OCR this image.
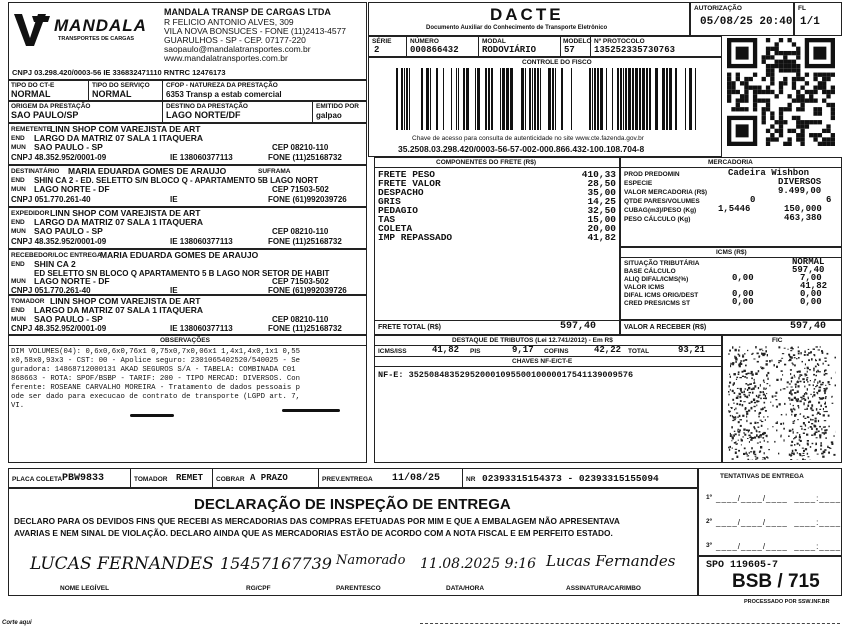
MANDALA
TRANSPORTES DE CARGAS
MANDALA TRANSP DE CARGAS LTDA
R FELICIO ANTONIO ALVES, 309
VILA NOVA BONSUCES - FONE (11)2413-4577
GUARULHOS - SP - CEP. 07177-220
saopaulo@mandalatransportes.com.br
www.mandalatransportes.com.br
CNPJ 03.298.420/0003-56 IE 336832471110 RNTRC 12476173
DACTE
Documento Auxiliar do Conhecimento de Transporte Eletrônico
AUTORIZAÇÃO
05/08/25 20:40
FL
1/1
SÉRIE
2
NÚMERO
000866432
MODAL
RODOVIÁRIO
MODELO
57
Nº PROTOCOLO
135252335730763
CONTROLE DO FISCO
Chave de acesso para consulta de autenticidade no site www.cte.fazenda.gov.br
35.2508.03.298.420/0003-56-57-002-000.866.432-100.108.704-8
TIPO DO CT-E
NORMAL
TIPO DO SERVIÇO
NORMAL
CFOP - NATUREZA DA PRESTAÇÃO
6353 Transp a estab comercial
ORIGEM DA PRESTAÇÃO
SAO PAULO/SP
DESTINO DA PRESTAÇÃO
LAGO NORTE/DF
EMITIDO POR
galpao
REMETENTE
LINN SHOP COM VAREJISTA DE ART
END LARGO DA MATRIZ 07 SALA 1 ITAQUERA
MUN SAO PAULO - SP	CEP 08210-110
CNPJ 48.352.952/0001-09	IE 138060377113	FONE (11)25168732
DESTINATÁRIO MARIA EDUARDA GOMES DE ARAUJO	SUFRAMA
END SHIN CA 2 - ED. SELETTO S/N BLOCO Q - APARTAMENTO 5B LAGO NORT
MUN LAGO NORTE - DF	CEP 71503-502
CNPJ 051.770.261-40	IE	FONE (61)992039726
EXPEDIDOR LINN SHOP COM VAREJISTA DE ART
END LARGO DA MATRIZ 07 SALA 1 ITAQUERA
MUN SAO PAULO - SP	CEP 08210-110
CNPJ 48.352.952/0001-09	IE 138060377113	FONE (11)25168732
RECEBEDOR/LOC ENTREGA
MARIA EDUARDA GOMES DE ARAUJO
END SHIN CA 2
ED SELETTO SN BLOCO Q APARTAMENTO 5 B LAGO NOR SETOR DE HABIT
MUN LAGO NORTE - DF	CEP 71503-502
CNPJ 051.770.261-40	IE	FONE (61)992039726
TOMADOR LINN SHOP COM VAREJISTA DE ART
END LARGO DA MATRIZ 07 SALA 1 ITAQUERA
MUN SAO PAULO - SP	CEP 08210-110
CNPJ 48.352.952/0001-09	IE 138060377113	FONE (11)25168732
COMPONENTES DO FRETE (R$)
FRETE PESO	410,33
FRETE VALOR	28,50
DESPACHO	35,00
GRIS	14,25
PEDAGIO	32,50
TAS	15,00
COLETA	20,00
IMP REPASSADO	41,82
FRETE TOTAL (R$)	597,40
MERCADORIA
PROD PREDOMIN	Cadeira Wishbon
ESPECIE	DIVERSOS
VALOR MERCADORIA (R$)	9.499,00
QTDE PARES/VOLUMES	0	6
CUBAG(m3)/PESO (Kg) 1,5446	150,000
PESO CÁLCULO (Kg)	463,380
ICMS (R$)
SITUAÇÃO TRIBUTÁRIA	NORMAL
BASE CÁLCULO	597,40
ALIQ DIFAL/ICMS(%)	0,00	7,00
VALOR ICMS	41,82
DIFAL ICMS ORIG/DEST	0,00	0,00
CRED PRES/ICMS ST	0,00	0,00
VALOR A RECEBER (R$)	597,40
OBSERVAÇÕES
DIM VOLUMES(04): 0,6x0,6x0,76x1 0,75x0,7x0,06x1 1,4x1,4x0,1x1 0,55
x0,58x0,93x3 - CST: 00 - Apolice seguro: 2301065402520/540025 - Se
guradora: 14868712000131 AKAD SEGUROS S/A - TABELA: COMBINADA C01
868663 - ROTA: SPOF/BSBP - TARIF: 200 - TIPO MERCAD: DIVERSOS. Con
ferente: ROSEANE CARVALHO MOREIRA - Tratamento de dados pessoais p
ode ser dado para execucao de contrato de transporte (LGPD art. 7,
VI.
DESTAQUE DE TRIBUTOS (Lei 12.741/2012) - Em R$
ICMS/ISS	41,82 PIS	9,17 COFINS	42,22 TOTAL	93,21
CHAVES NF-E/CT-E
NF-E: 35250848352952000109550010000017541139009576
FIC
PLACA COLETA PBW9833	TOMADOR REMET COBRAR A PRAZO	PREV.ENTREGA 11/08/25	NR 02393315154373 - 02393315155094	TENTATIVAS DE ENTREGA
1º ____/____/____  ____:____
2º ____/____/____  ____:____
3º ____/____/____  ____:____
DECLARAÇÃO DE INSPEÇÃO DE ENTREGA
DECLARO PARA OS DEVIDOS FINS QUE RECEBI AS MERCADORIAS DAS COMPRAS EFETUADAS POR MIM E QUE A EMBALAGEM NÃO APRESENTAVA
AVARIAS E NEM SINAL DE VIOLAÇÃO. DECLARO AINDA QUE AS MERCADORIAS ESTÃO DE ACORDO COM A NOTA FISCAL E EM PERFEITO ESTADO.
LUCAS FERNANDES 15457167739 Namorado 11.08.2025 9:16 Lucas Fernandes
NOME LEGÍVEL	RG/CPF	PARENTESCO	DATA/HORA	ASSINATURA/CARIMBO
SPO 119605-7
BSB / 715
PROCESSADO POR SSW.INF.BR
Corte aqui
